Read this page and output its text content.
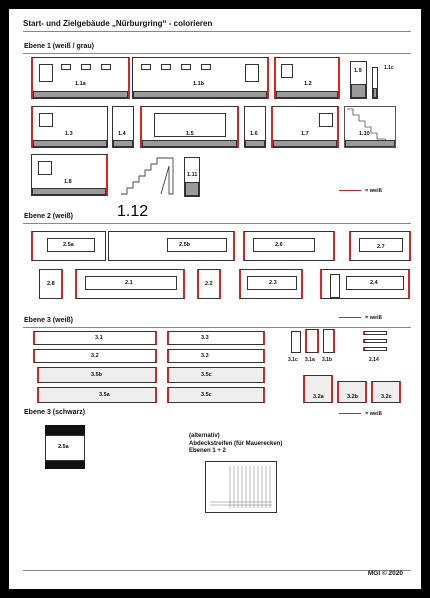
Start- und Zielgebäude „Nürburgring“ - colorieren
Ebene 1 (weiß / grau)
1.1a	1.1b	1.2
1.9	1.1c
1.3	1.4	1.5	1.6	1.7	1.10
1.8
1.12
1.11
= weiß
Ebene 2 (weiß)
2.5a	2.5b	2.6	2.7
2.8	2.1	2.2	2.3	2.4
= weiß
Ebene 3 (weiß)
3.1	3.3
3.2	3.3
3.5b	3.5c
3.5a	3.5c
3.1c 3.1a 3.1b	2.14
3.2a	3.2b	3.2c
= weiß
Ebene 3 (schwarz)
2.5a
(alternativ)
Abdeckstreifen (für Mauerecken)
Ebenen 1 + 2
MGI © 2020
